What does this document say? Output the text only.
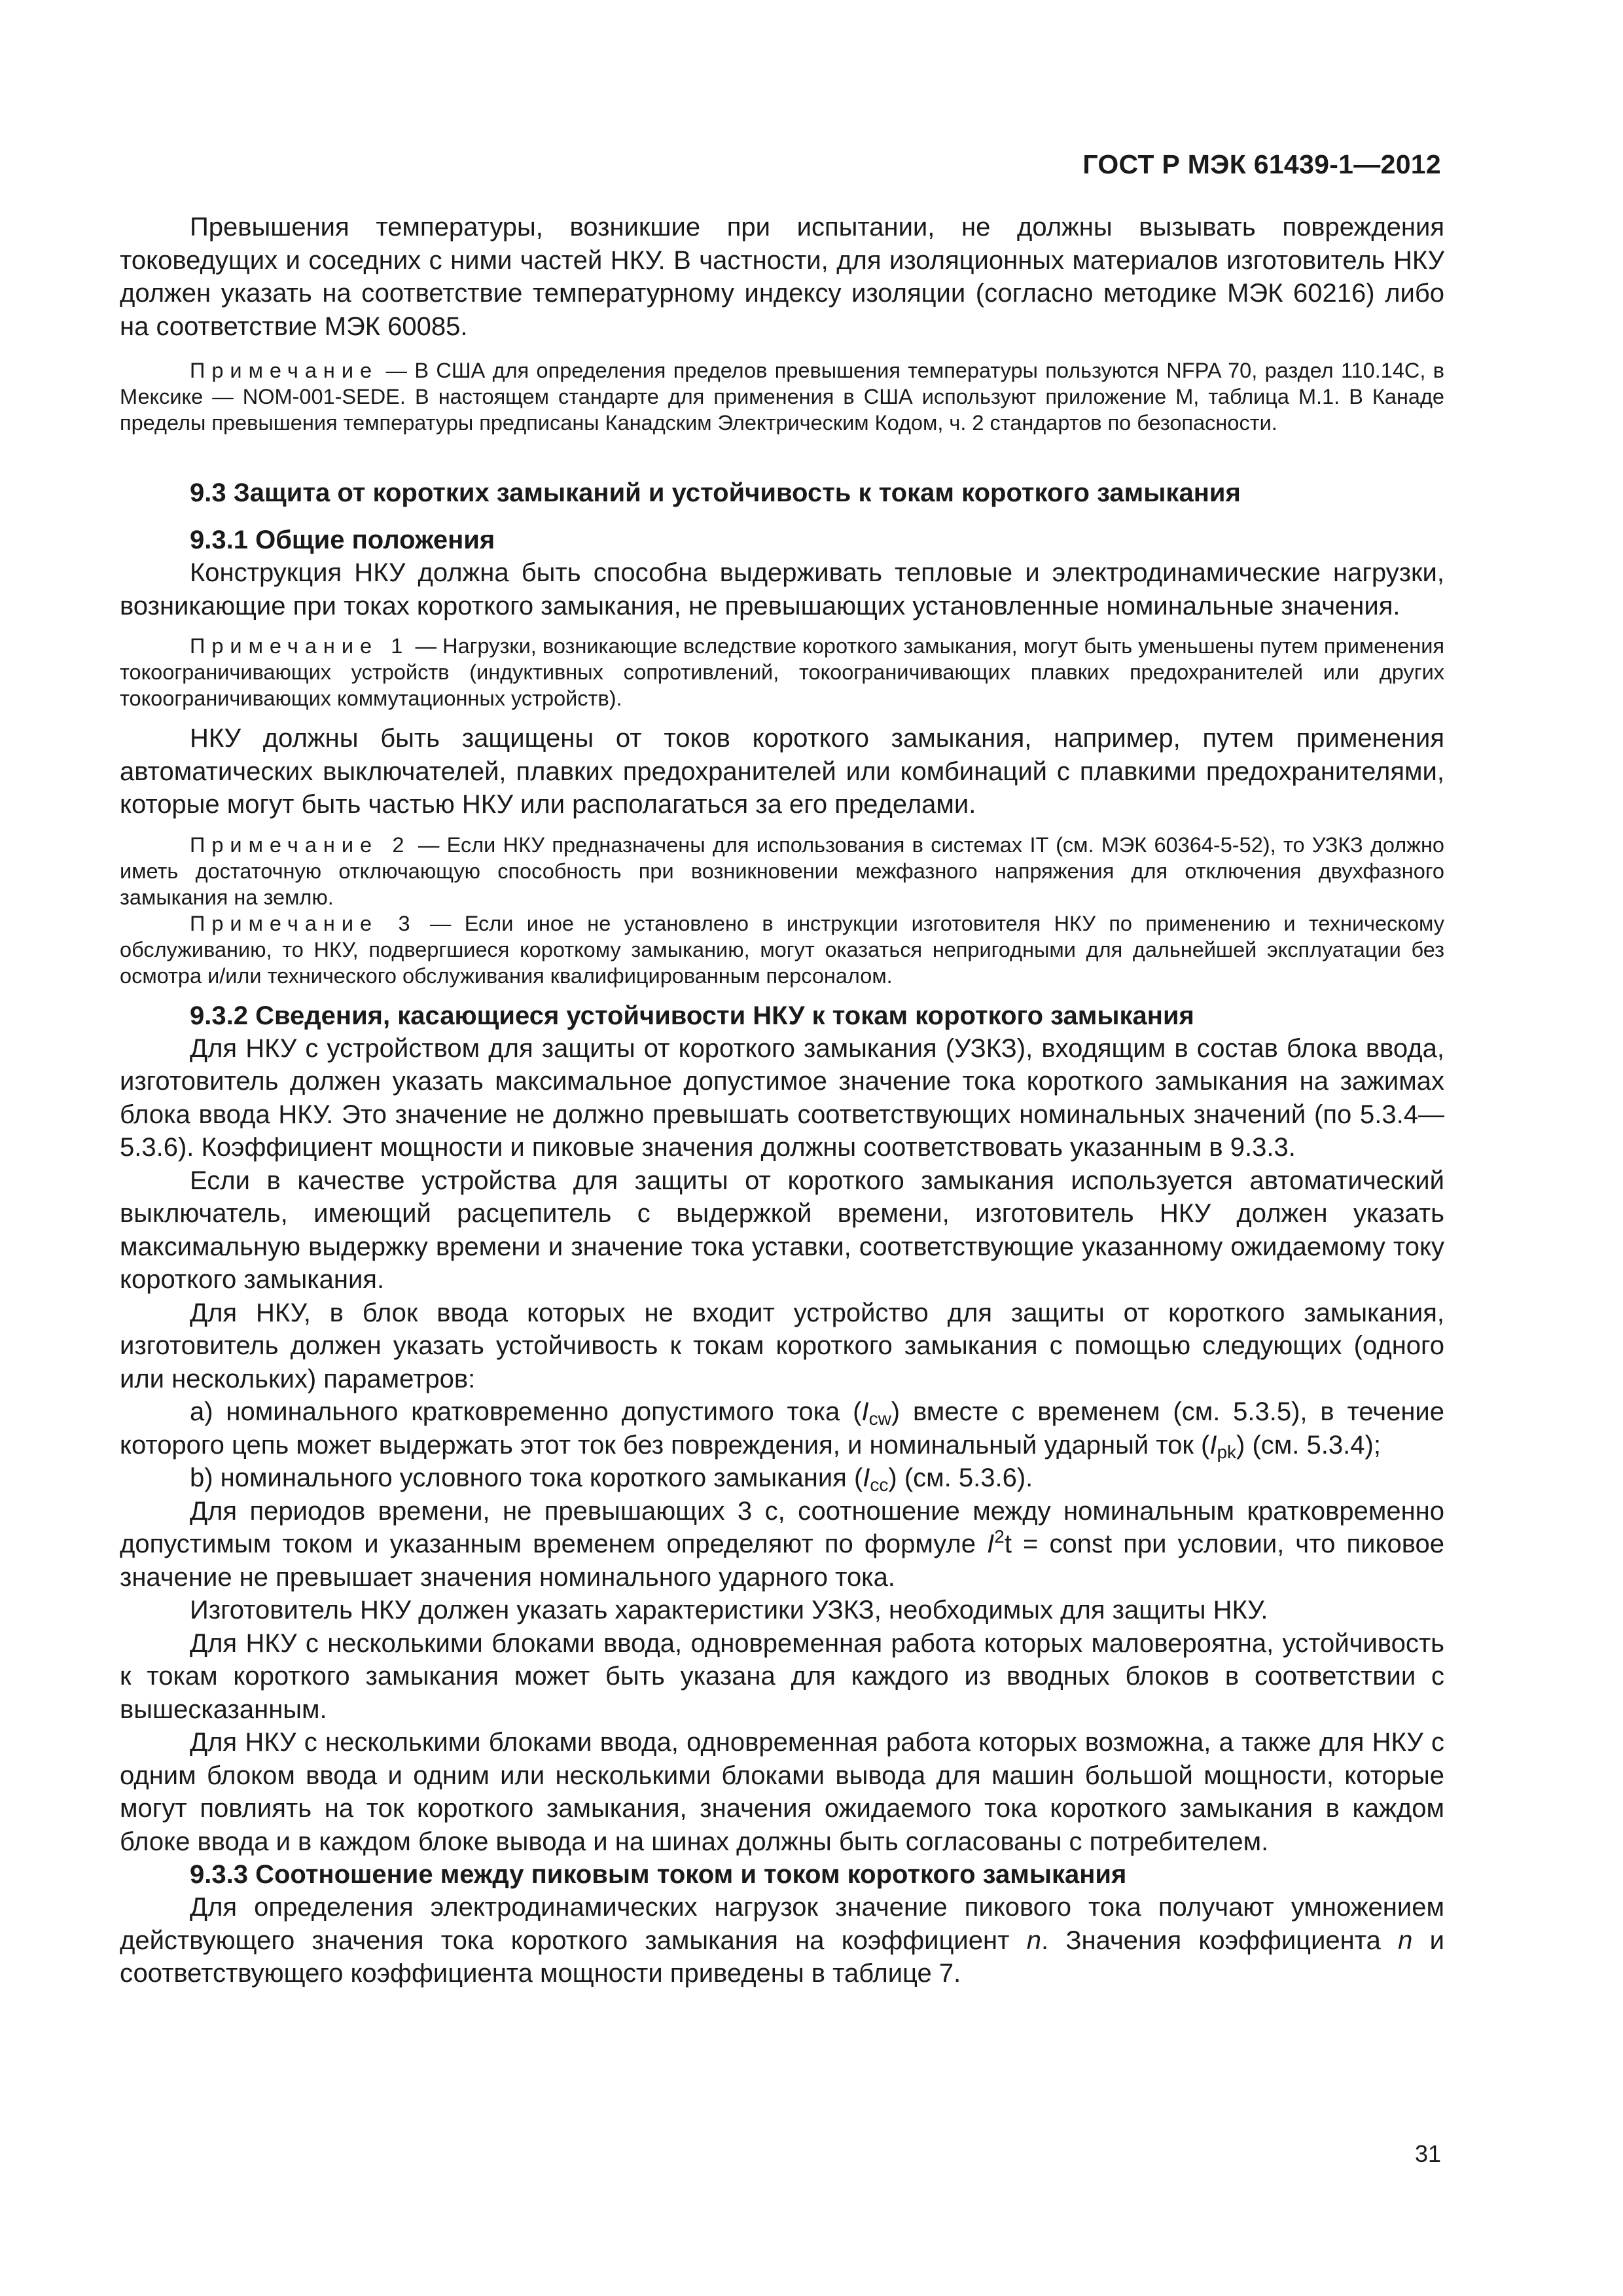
ГОСТ Р МЭК 61439-1—2012

Превышения температуры, возникшие при испытании, не должны вызывать повреждения токоведущих и соседних с ними частей НКУ. В частности, для изоляционных материалов изготовитель НКУ должен указать на соответствие температурному индексу изоляции (согласно методике МЭК 60216) либо на соответствие МЭК 60085.

Примечание — В США для определения пределов превышения температуры пользуются NFPA 70, раздел 110.14C, в Мексике — NOM-001-SEDE. В настоящем стандарте для применения в США используют приложение M, таблица M.1. В Канаде пределы превышения температуры предписаны Канадским Электрическим Кодом, ч. 2 стандартов по безопасности.

9.3 Защита от коротких замыканий и устойчивость к токам короткого замыкания

9.3.1 Общие положения

Конструкция НКУ должна быть способна выдерживать тепловые и электродинамические нагрузки, возникающие при токах короткого замыкания, не превышающих установленные номинальные значения.

Примечание 1 — Нагрузки, возникающие вследствие короткого замыкания, могут быть уменьшены путем применения токоограничивающих устройств (индуктивных сопротивлений, токоограничивающих плавких предохранителей или других токоограничивающих коммутационных устройств).

НКУ должны быть защищены от токов короткого замыкания, например, путем применения автоматических выключателей, плавких предохранителей или комбинаций с плавкими предохранителями, которые могут быть частью НКУ или располагаться за его пределами.

Примечание 2 — Если НКУ предназначены для использования в системах IT (см. МЭК 60364-5-52), то УЗКЗ должно иметь достаточную отключающую способность при возникновении межфазного напряжения для отключения двухфазного замыкания на землю.

Примечание 3 — Если иное не установлено в инструкции изготовителя НКУ по применению и техническому обслуживанию, то НКУ, подвергшиеся короткому замыканию, могут оказаться непригодными для дальнейшей эксплуатации без осмотра и/или технического обслуживания квалифицированным персоналом.

9.3.2 Сведения, касающиеся устойчивости НКУ к токам короткого замыкания

Для НКУ с устройством для защиты от короткого замыкания (УЗКЗ), входящим в состав блока ввода, изготовитель должен указать максимальное допустимое значение тока короткого замыкания на зажимах блока ввода НКУ. Это значение не должно превышать соответствующих номинальных значений (по 5.3.4—5.3.6). Коэффициент мощности и пиковые значения должны соответствовать указанным в 9.3.3.

Если в качестве устройства для защиты от короткого замыкания используется автоматический выключатель, имеющий расцепитель с выдержкой времени, изготовитель НКУ должен указать максимальную выдержку времени и значение тока уставки, соответствующие указанному ожидаемому току короткого замыкания.

Для НКУ, в блок ввода которых не входит устройство для защиты от короткого замыкания, изготовитель должен указать устойчивость к токам короткого замыкания с помощью следующих (одного или нескольких) параметров:

a) номинального кратковременно допустимого тока $(I_{cw})$ вместе с временем (см. 5.3.5), в течение которого цепь может выдержать этот ток без повреждения, и номинальный ударный ток $(I_{pk})$ (см. 5.3.4);

b) номинального условного тока короткого замыкания $(I_{cc})$ (см. 5.3.6).

Для периодов времени, не превышающих 3 с, соотношение между номинальным кратковременно допустимым током и указанным временем определяют по формуле $I^2t$ = const при условии, что пиковое значение не превышает значения номинального ударного тока.

Изготовитель НКУ должен указать характеристики УЗКЗ, необходимых для защиты НКУ.

Для НКУ с несколькими блоками ввода, одновременная работа которых маловероятна, устойчивость к токам короткого замыкания может быть указана для каждого из вводных блоков в соответствии с вышесказанным.

Для НКУ с несколькими блоками ввода, одновременная работа которых возможна, а также для НКУ с одним блоком ввода и одним или несколькими блоками вывода для машин большой мощности, которые могут повлиять на ток короткого замыкания, значения ожидаемого тока короткого замыкания в каждом блоке ввода и в каждом блоке вывода и на шинах должны быть согласованы с потребителем.

9.3.3 Соотношение между пиковым током и током короткого замыкания

Для определения электродинамических нагрузок значение пикового тока получают умножением действующего значения тока короткого замыкания на коэффициент n. Значения коэффициента n и соответствующего коэффициента мощности приведены в таблице 7.

31
